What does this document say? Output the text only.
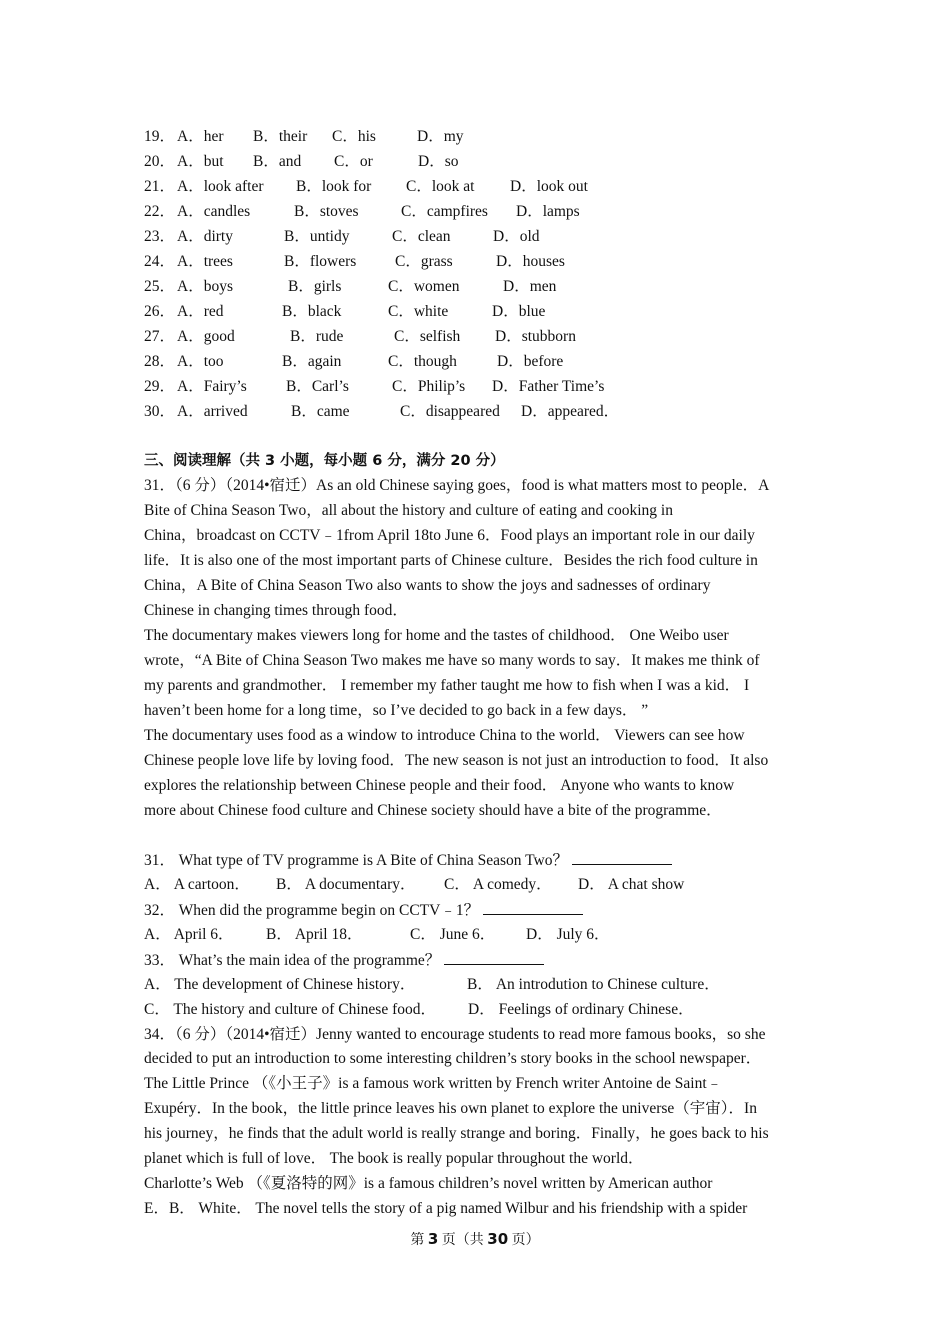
19． A．her B．their C．his	D．my
20． A．but B．and C．or	D．so
21． A．look after B．look for C．look at D．look out
22． A．candles	B．stoves	C．campfires D．lamps
23． A．dirty	B．untidy	C．clean	D．old
24． A．trees	B．flowers C．grass	D．houses
25． A．boys	B．girls	C．women	D．men
26． A．red	B．black	C．white	D．blue
27． A．good	B．rude	C．selfish D．stubborn
28． A．too	B．again	C．though	D．before
29． A．Fairy’s	B．Carl’s	C．Philip’s D．Father Time’s
30． A．arrived	B．came	C．disappeared D．appeared．
三、阅读理解（共 3 小题，每小题 6 分，满分 20 分）
31．（6 分）（2014•宿迁）As an old Chinese saying goes，food is what matters most to people．A
Bite of China Season Two，all about the history and culture of eating and cooking in
China，broadcast on CCTV﹣1from April 18to June 6．Food plays an important role in our daily
life．It is also one of the most important parts of Chinese culture．Besides the rich food culture in
China，A Bite of China Season Two also wants to show the joys and sadnesses of ordinary
Chinese in changing times through food．
The documentary makes viewers long for home and the tastes of childhood． One Weibo user
wrote，“A Bite of China Season Two makes me have so many words to say．It makes me think of
my parents and grandmother． I remember my father taught me how to fish when I was a kid． I
haven’t been home for a long time，so I’ve decided to go back in a few days． ”
The documentary uses food as a window to introduce China to the world． Viewers can see how
Chinese people love life by loving food．The new season is not just an introduction to food．It also
explores the relationship between Chinese people and their food． Anyone who wants to know
more about Chinese food culture and Chinese society should have a bite of the programme．
31． What type of TV programme is A Bite of China Season Two？
A． A cartoon． B． A documentary． C． A comedy． D． A chat show
32． When did the programme begin on CCTV﹣1？
A． April 6． B． April 18．	C． June 6． D． July 6．
33． What’s the main idea of the programme？
A． The development of Chinese history．	B． An introdution to Chinese culture．
C． The history and culture of Chinese food． D． Feelings of ordinary Chinese．
34．（6 分）（2014•宿迁）Jenny wanted to encourage students to read more famous books，so she
decided to put an introduction to some interesting children’s story books in the school newspaper．
The Little Prince （《小王子》is a famous work written by French writer Antoine de Saint﹣
Exupéry．In the book，the little prince leaves his own planet to explore the universe（宇宙）．In
his journey，he finds that the adult world is really strange and boring．Finally，he goes back to his
planet which is full of love． The book is really popular throughout the world．
Charlotte’s Web （《夏洛特的网》is a famous children’s novel written by American author
E．B． White． The novel tells the story of a pig named Wilbur and his friendship with a spider
第 3 页（共 30 页）
